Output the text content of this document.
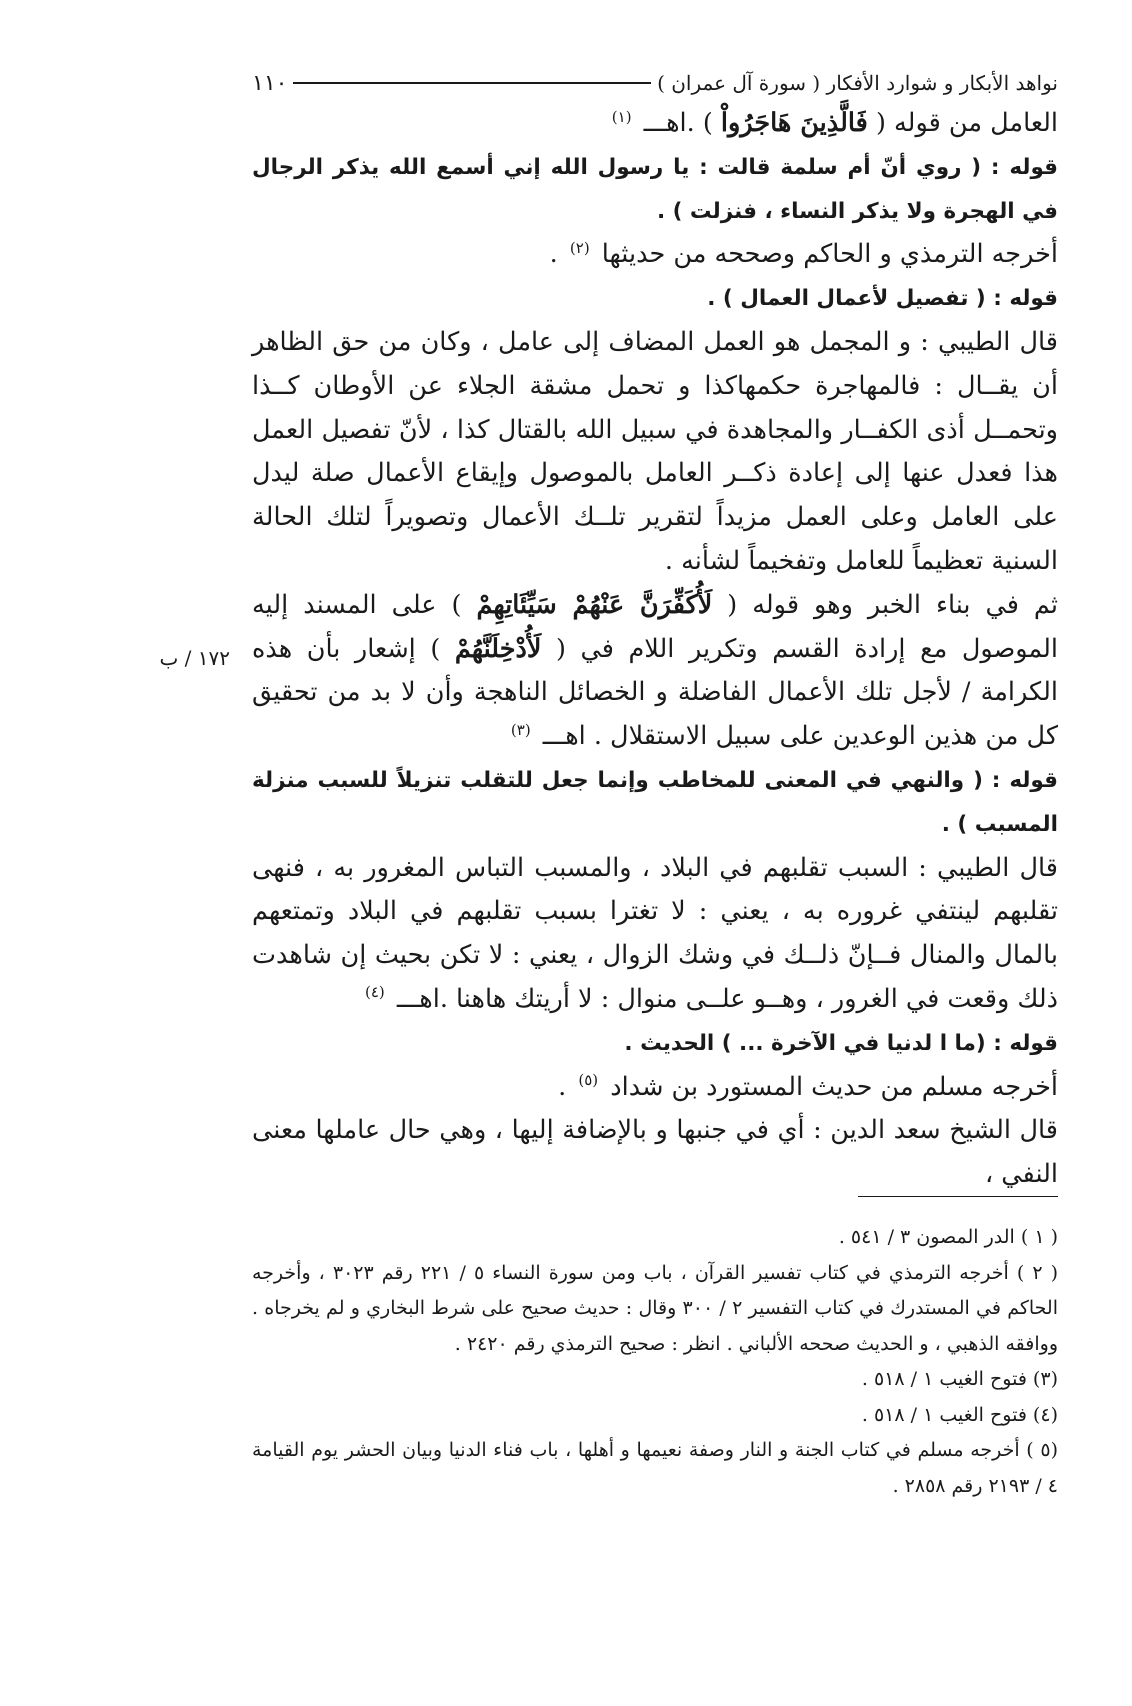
نواهد الأبكار و شوارد الأفكار ( سورة آل عمران )
١١٠
١٧٢ / ب

العامل من قوله ( فَالَّذِينَ هَاجَرُواْ ) .اهـــ $^{(١)}$

قوله : ( روي أنّ أم سلمة قالت : يا رسول الله إني أسمع الله يذكر الرجال في الهجرة ولا يذكر النساء ، فنزلت ) .

أخرجه الترمذي و الحاكم وصححه من حديثها $^{(٢)}$ .

قوله : ( تفصيل لأعمال العمال ) .

قال الطيبي : و المجمل هو العمل المضاف إلى عامل ، وكان من حق الظاهر أن يقــال : فالمهاجرة حكمهاكذا و تحمل مشقة الجلاء عن الأوطان كــذا وتحمــل أذى الكفــار والمجاهدة في سبيل الله بالقتال كذا ، لأنّ تفصيل العمل هذا فعدل عنها إلى إعادة ذكــر العامل بالموصول وإيقاع الأعمال صلة ليدل على العامل وعلى العمل مزيداً لتقرير تلــك الأعمال وتصويراً لتلك الحالة السنية تعظيماً للعامل وتفخيماً لشأنه .

ثم في بناء الخبر وهو قوله ( لَأُكَفِّرَنَّ عَنْهُمْ سَيِّئَاتِهِمْ ) على المسند إليه الموصول مع إرادة القسم وتكرير اللام في ( لَأُدْخِلَنَّهُمْ ) إشعار بأن هذه الكرامة / لأجل تلك الأعمال الفاضلة و الخصائل الناهجة وأن لا بد من تحقيق كل من هذين الوعدين على سبيل الاستقلال . اهـــ $^{(٣)}$

قوله : ( والنهي في المعنى للمخاطب وإنما جعل للتقلب تنزيلاً للسبب منزلة المسبب ) .

قال الطيبي : السبب تقلبهم في البلاد ، والمسبب التباس المغرور به ، فنهى تقلبهم لينتفي غروره به ، يعني : لا تغترا بسبب تقلبهم في البلاد وتمتعهم بالمال والمنال فــإنّ ذلــك في وشك الزوال ، يعني : لا تكن بحيث إن شاهدت ذلك وقعت في الغرور ، وهــو علــى منوال : لا أريتك هاهنا .اهـــ $^{(٤)}$

قوله : (ما ا لدنيا في الآخرة ... ) الحديث .

أخرجه مسلم من حديث المستورد بن شداد $^{(٥)}$ .

قال الشيخ سعد الدين : أي في جنبها و بالإضافة إليها ، وهي حال عاملها معنى النفي ،

( ١ ) الدر المصون ٣ / ٥٤١ .

( ٢ ) أخرجه الترمذي في كتاب تفسير القرآن ، باب ومن سورة النساء ٥ / ٢٢١ رقم ٣٠٢٣ ، وأخرجه الحاكم في المستدرك في كتاب التفسير ٢ / ٣٠٠ وقال : حديث صحيح على شرط البخاري و لم يخرجاه . ووافقه الذهبي ، و الحديث صححه الألباني . انظر : صحيح الترمذي رقم ٢٤٢٠ .

(٣) فتوح الغيب ١ / ٥١٨ .

(٤) فتوح الغيب ١ / ٥١٨ .

(٥ ) أخرجه مسلم في كتاب الجنة و النار وصفة نعيمها و أهلها ، باب فناء الدنيا وبيان الحشر يوم القيامة ٤ / ٢١٩٣ رقم ٢٨٥٨ .
